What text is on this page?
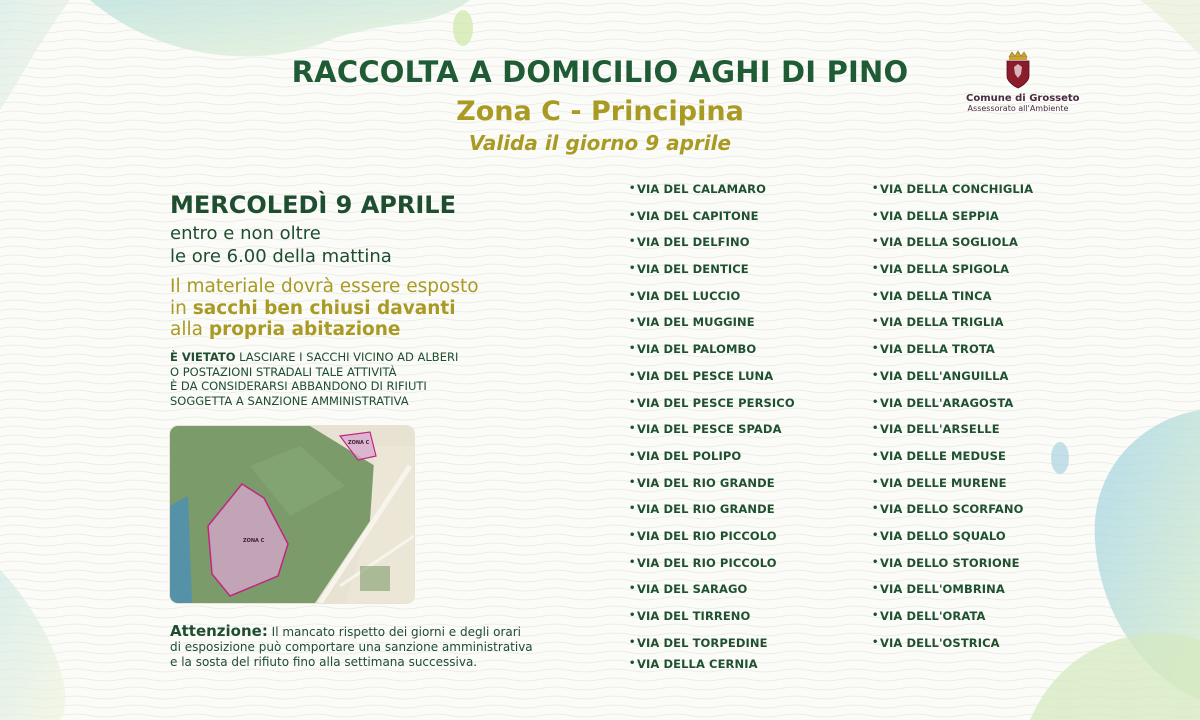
RACCOLTA A DOMICILIO AGHI DI PINO
Zona C - Principina
Valida il giorno 9 aprile
Comune di Grosseto
Assessorato all'Ambiente
MERCOLEDÌ 9 APRILE
entro e non oltre
le ore 6.00 della mattina
Il materiale dovrà essere esposto
in sacchi ben chiusi davanti
alla propria abitazione
È VIETATO LASCIARE I SACCHI VICINO AD ALBERI
O POSTAZIONI STRADALI TALE ATTIVITÀ
È DA CONSIDERARSI ABBANDONO DI RIFIUTI
SOGGETTA A SANZIONE AMMINISTRATIVA
ZONA C
ZONA C
Attenzione: Il mancato rispetto dei giorni e degli orari
di esposizione può comportare una sanzione amministrativa
e la sosta del rifiuto fino alla settimana successiva.
• VIA DEL CALAMARO
• VIA DEL CAPITONE
• VIA DEL DELFINO
• VIA DEL DENTICE
• VIA DEL LUCCIO
• VIA DEL MUGGINE
• VIA DEL PALOMBO
• VIA DEL PESCE LUNA
• VIA DEL PESCE PERSICO
• VIA DEL PESCE SPADA
• VIA DEL POLIPO
• VIA DEL RIO GRANDE
• VIA DEL RIO GRANDE
• VIA DEL RIO PICCOLO
• VIA DEL RIO PICCOLO
• VIA DEL SARAGO
• VIA DEL TIRRENO
• VIA DEL TORPEDINE
• VIA DELLA CERNIA
• VIA DELLA CONCHIGLIA
• VIA DELLA SEPPIA
• VIA DELLA SOGLIOLA
• VIA DELLA SPIGOLA
• VIA DELLA TINCA
• VIA DELLA TRIGLIA
• VIA DELLA TROTA
• VIA DELL'ANGUILLA
• VIA DELL'ARAGOSTA
• VIA DELL'ARSELLE
• VIA DELLE MEDUSE
• VIA DELLE MURENE
• VIA DELLO SCORFANO
• VIA DELLO SQUALO
• VIA DELLO STORIONE
• VIA DELL'OMBRINA
• VIA DELL'ORATA
• VIA DELL'OSTRICA
